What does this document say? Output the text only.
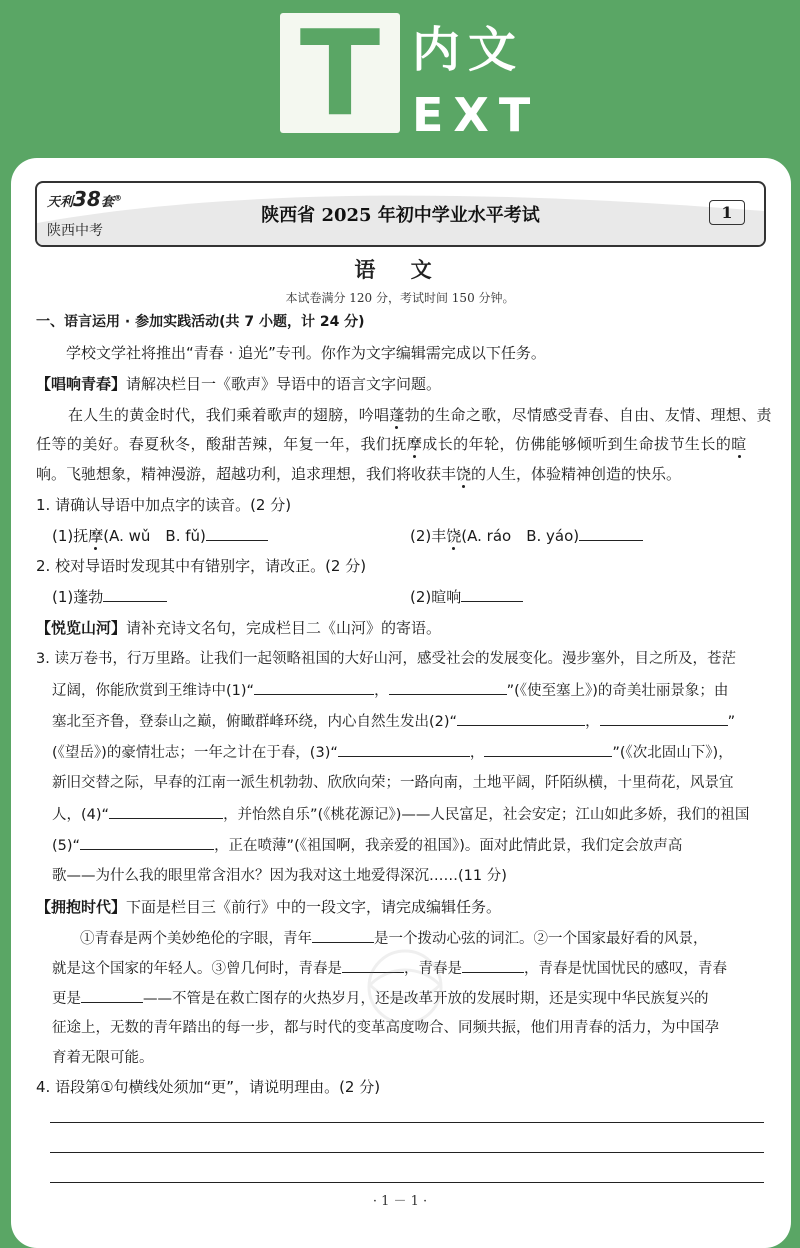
T 内文
EXT
天利38套®
陕西中考
陕西省 2025 年初中学业水平考试	1
语 文
本试卷满分 120 分，考试时间 150 分钟。
一、语言运用 · 参加实践活动(共 7 小题，计 24 分)
学校文学社将推出“青春 · 追光”专刊。你作为文字编辑需完成以下任务。
【唱响青春】请解决栏目一《歌声》导语中的语言文字问题。
在人生的黄金时代，我们乘着歌声的翅膀，吟唱蓬勃的生命之歌，尽情感受青春、自由、友情、理想、责
任等的美好。春夏秋冬，酸甜苦辣，年复一年，我们抚摩成长的年轮，仿佛能够倾听到生命拔节生长的暄
响。飞驰想象，精神漫游，超越功利，追求理想，我们将收获丰饶的人生，体验精神创造的快乐。
1. 请确认导语中加点字的读音。(2 分)
(1)抚摩(A. wǔ　B. fǔ)	(2)丰饶(A. ráo　B. yáo)
2. 校对导语时发现其中有错别字，请改正。(2 分)
(1)蓬勃	(2)暄响
【悦览山河】请补充诗文名句，完成栏目二《山河》的寄语。
3. 读万卷书，行万里路。让我们一起领略祖国的大好山河，感受社会的发展变化。漫步塞外，目之所及，苍茫
辽阔，你能欣赏到王维诗中(1)“	，	”(《使至塞上》)的奇美壮丽景象；由
塞北至齐鲁，登泰山之巅，俯瞰群峰环绕，内心自然生发出(2)“	，	”
(《望岳》)的豪情壮志；一年之计在于春，(3)“	，	”(《次北固山下》)，
新旧交替之际，早春的江南一派生机勃勃、欣欣向荣；一路向南，土地平阔，阡陌纵横，十里荷花，风景宜
人，(4)“	，并怡然自乐”(《桃花源记》)——人民富足，社会安定；江山如此多娇，我们的祖国
(5)“	，正在喷薄”(《祖国啊，我亲爱的祖国》)。面对此情此景，我们定会放声高
歌——为什么我的眼里常含泪水？因为我对这土地爱得深沉……(11 分)
【拥抱时代】下面是栏目三《前行》中的一段文字，请完成编辑任务。
①青春是两个美妙绝伦的字眼，青年	是一个拨动心弦的词汇。②一个国家最好看的风景，
就是这个国家的年轻人。③曾几何时，青春是	，青春是	，青春是忧国忧民的感叹，青春
更是	——不管是在救亡图存的火热岁月，还是改革开放的发展时期，还是实现中华民族复兴的
征途上，无数的青年踏出的每一步，都与时代的变革高度吻合、同频共振，他们用青春的活力，为中国孕
育着无限可能。
4. 语段第①句横线处须加“更”，请说明理由。(2 分)
· 1 － 1 ·
